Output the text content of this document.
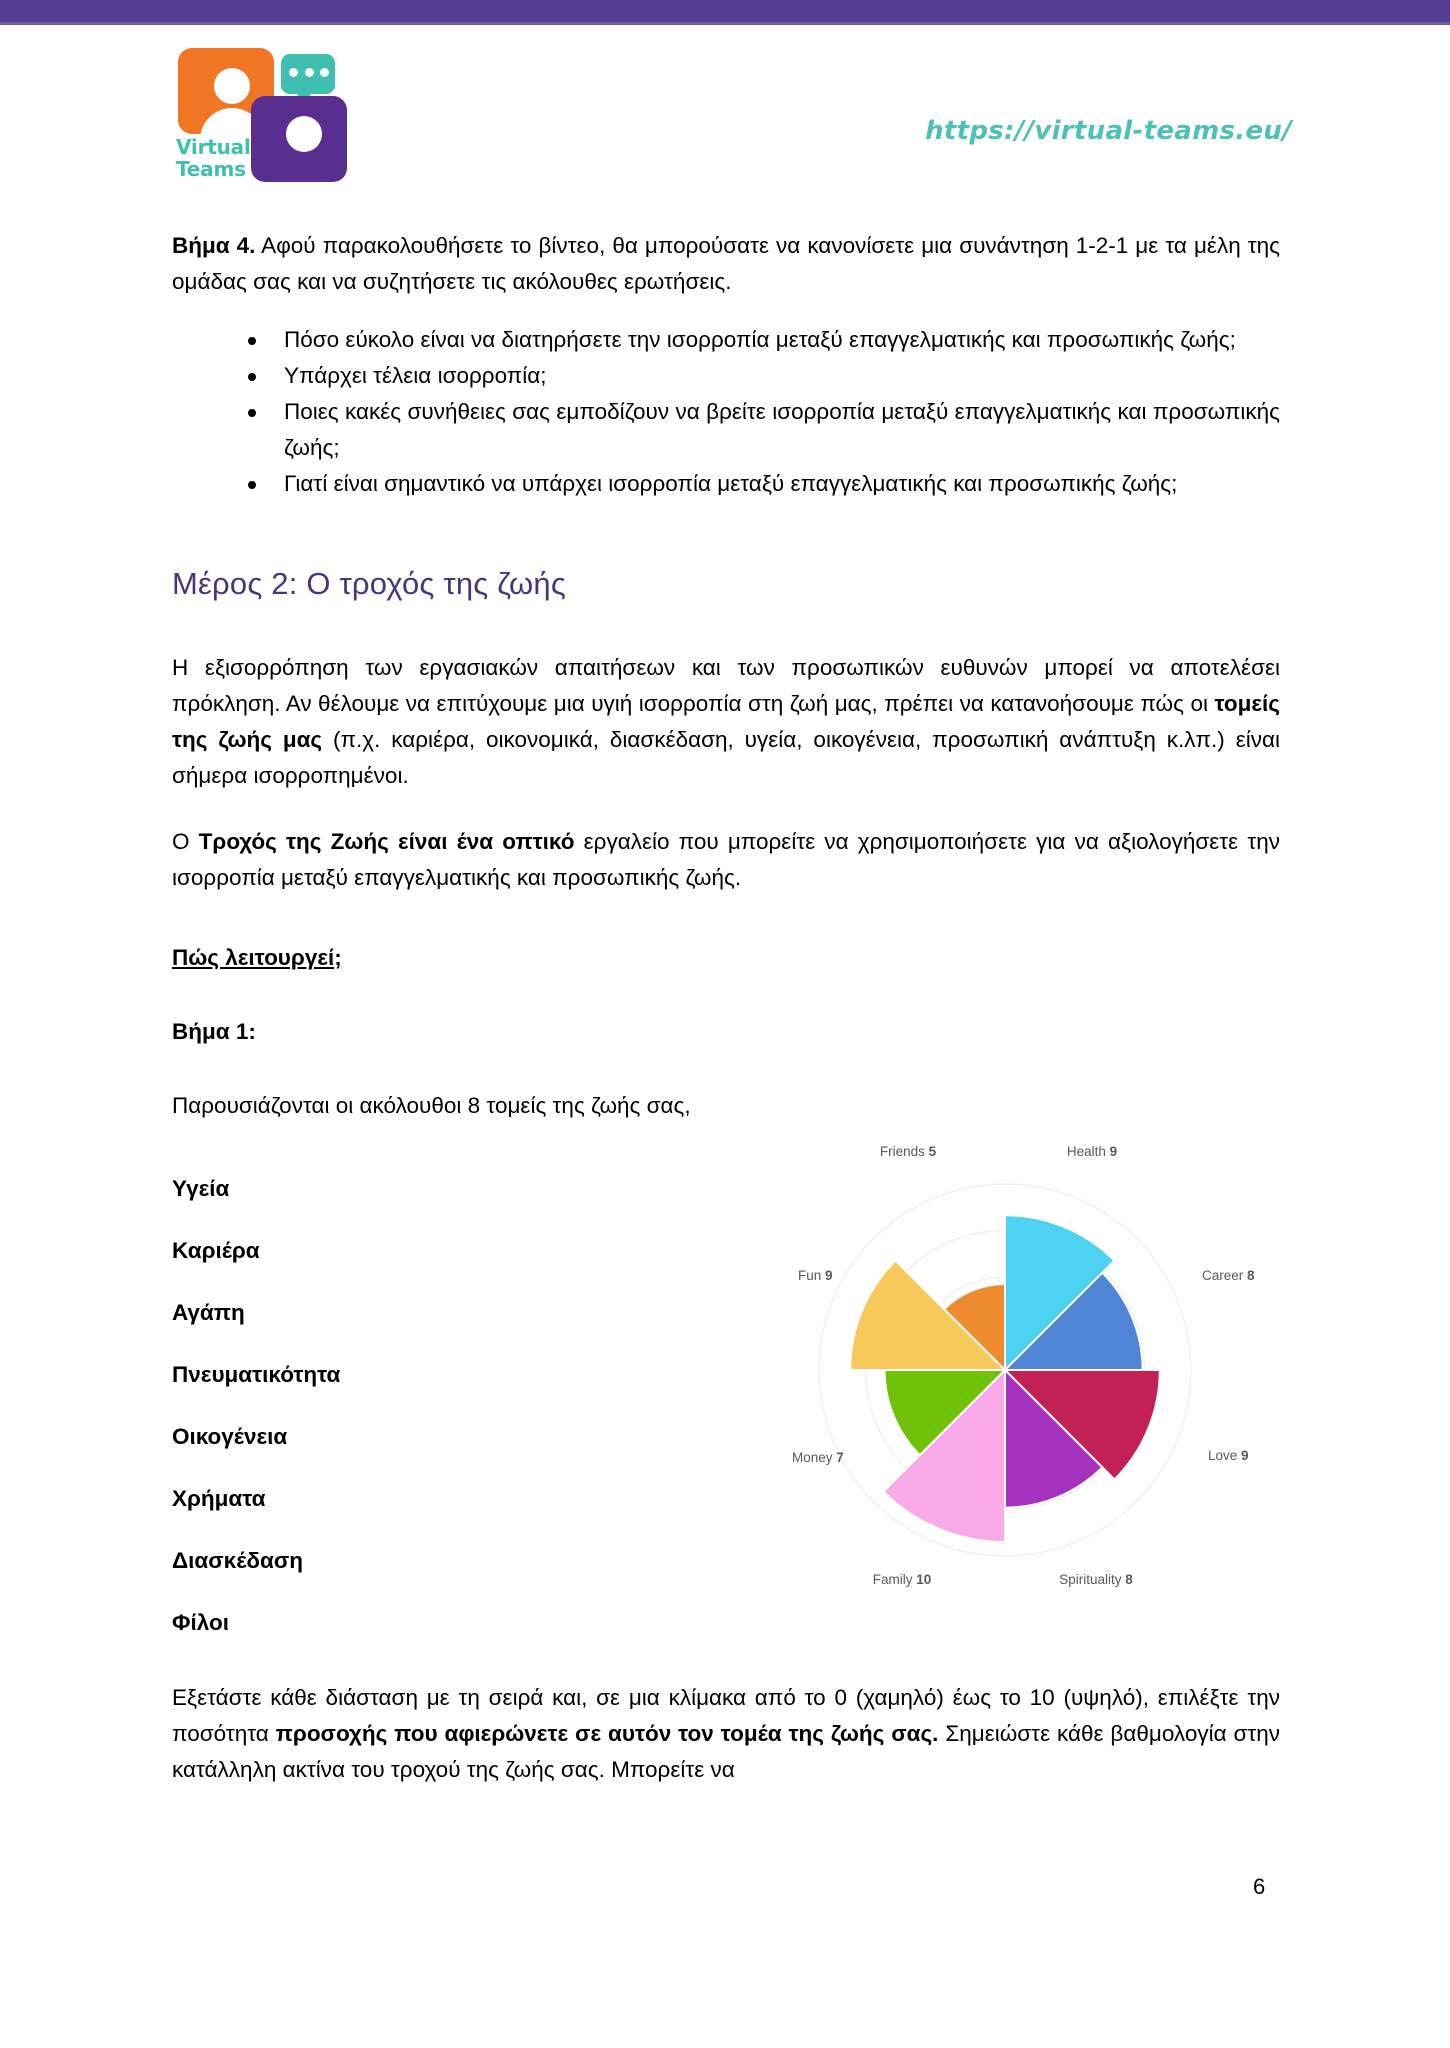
Virtual
Teams
https://virtual-teams.eu/

Βήμα 4. Αφού παρακολουθήσετε το βίντεο, θα μπορούσατε να κανονίσετε μια συνάντηση 1-2-1 με τα μέλη της ομάδας σας και να συζητήσετε τις ακόλουθες ερωτήσεις.

Πόσο εύκολο είναι να διατηρήσετε την ισορροπία μεταξύ επαγγελματικής και προσωπικής ζωής;
Υπάρχει τέλεια ισορροπία;
Ποιες κακές συνήθειες σας εμποδίζουν να βρείτε ισορροπία μεταξύ επαγγελματικής και προσωπικής ζωής;
Γιατί είναι σημαντικό να υπάρχει ισορροπία μεταξύ επαγγελματικής και προσωπικής ζωής;
Μέρος 2: Ο τροχός της ζωής

Η εξισορρόπηση των εργασιακών απαιτήσεων και των προσωπικών ευθυνών μπορεί να αποτελέσει πρόκληση. Αν θέλουμε να επιτύχουμε μια υγιή ισορροπία στη ζωή μας, πρέπει να κατανοήσουμε πώς οι τομείς της ζωής μας (π.χ. καριέρα, οικονομικά, διασκέδαση, υγεία, οικογένεια, προσωπική ανάπτυξη κ.λπ.) είναι σήμερα ισορροπημένοι.

Ο Τροχός της Ζωής είναι ένα οπτικό εργαλείο που μπορείτε να χρησιμοποιήσετε για να αξιολογήσετε την ισορροπία μεταξύ επαγγελματικής και προσωπικής ζωής.

Πώς λειτουργεί;

Βήμα 1:

Παρουσιάζονται οι ακόλουθοι 8 τομείς της ζωής σας,

Υγεία
Καριέρα
Αγάπη
Πνευματικότητα
Οικογένεια
Χρήματα
Διασκέδαση
Φίλοι
Health 9
Career 8
Love 9
Spirituality 8
Family 10
Money 7
Fun 9
Friends 5

Εξετάστε κάθε διάσταση με τη σειρά και, σε μια κλίμακα από το 0 (χαμηλό) έως το 10 (υψηλό), επιλέξτε την ποσότητα προσοχής που αφιερώνετε σε αυτόν τον τομέα της ζωής σας. Σημειώστε κάθε βαθμολογία στην κατάλληλη ακτίνα του τροχού της ζωής σας. Μπορείτε να

6
